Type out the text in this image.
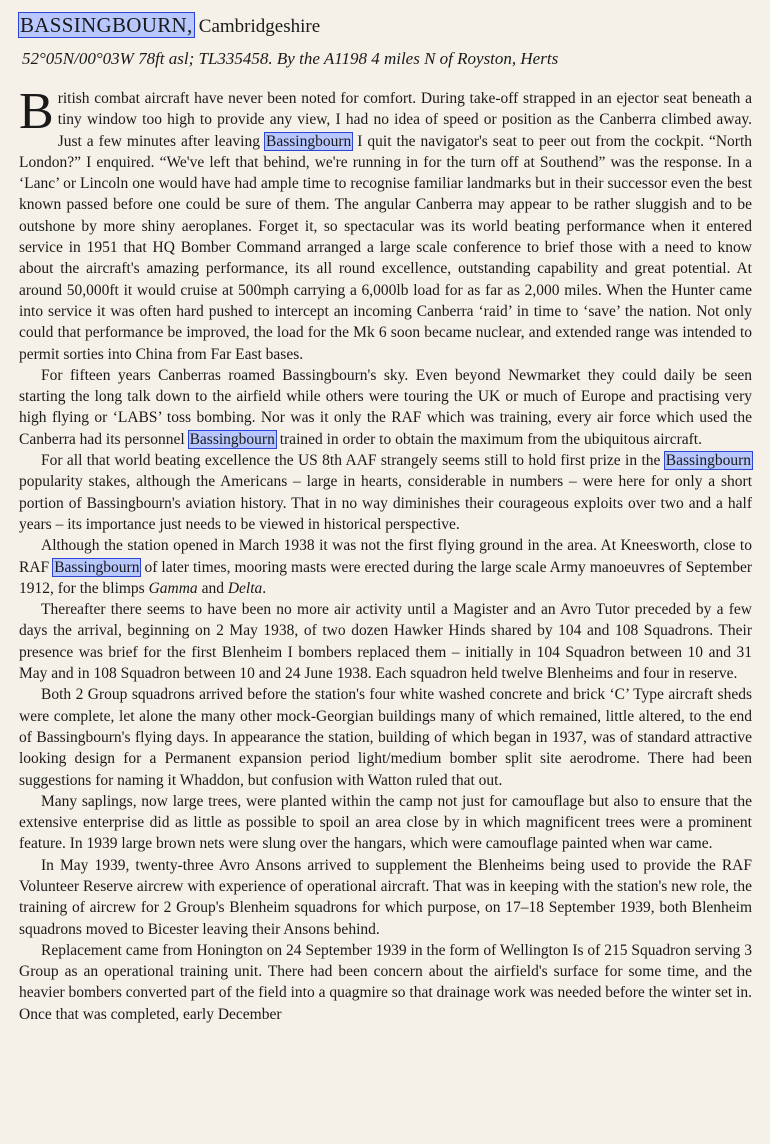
BASSINGBOURN, Cambridgeshire
52°05N/00°03W 78ft asl; TL335458. By the A1198 4 miles N of Royston, Herts

British combat aircraft have never been noted for comfort. During take-off strapped in an ejector seat beneath a tiny window too high to provide any view, I had no idea of speed or position as the Canberra climbed away. Just a few minutes after leaving Bassingbourn I quit the navigator's seat to peer out from the cockpit. “North London?” I enquired. “We've left that behind, we're running in for the turn off at Southend” was the response. In a ‘Lanc’ or Lincoln one would have had ample time to recognise familiar landmarks but in their successor even the best known passed before one could be sure of them. The angular Canberra may appear to be rather sluggish and to be outshone by more shiny aeroplanes. Forget it, so spectacular was its world beating performance when it entered service in 1951 that HQ Bomber Command arranged a large scale conference to brief those with a need to know about the aircraft's amazing performance, its all round excellence, outstanding capability and great potential. At around 50,000ft it would cruise at 500mph carrying a 6,000lb load for as far as 2,000 miles. When the Hunter came into service it was often hard pushed to intercept an incoming Canberra ‘raid’ in time to ‘save’ the nation. Not only could that performance be improved, the load for the Mk 6 soon became nuclear, and extended range was intended to permit sorties into China from Far East bases.

For fifteen years Canberras roamed Bassingbourn's sky. Even beyond Newmarket they could daily be seen starting the long talk down to the airfield while others were touring the UK or much of Europe and practising very high flying or ‘LABS’ toss bombing. Nor was it only the RAF which was training, every air force which used the Canberra had its personnel Bassingbourn trained in order to obtain the maximum from the ubiquitous aircraft.

For all that world beating excellence the US 8th AAF strangely seems still to hold first prize in the Bassingbourn popularity stakes, although the Americans – large in hearts, considerable in numbers – were here for only a short portion of Bassingbourn's aviation history. That in no way diminishes their courageous exploits over two and a half years – its importance just needs to be viewed in historical perspective.

Although the station opened in March 1938 it was not the first flying ground in the area. At Kneesworth, close to RAF Bassingbourn of later times, mooring masts were erected during the large scale Army manoeuvres of September 1912, for the blimps Gamma and Delta.

Thereafter there seems to have been no more air activity until a Magister and an Avro Tutor preceded by a few days the arrival, beginning on 2 May 1938, of two dozen Hawker Hinds shared by 104 and 108 Squadrons. Their presence was brief for the first Blenheim I bombers replaced them – initially in 104 Squadron between 10 and 31 May and in 108 Squadron between 10 and 24 June 1938. Each squadron held twelve Blenheims and four in reserve.

Both 2 Group squadrons arrived before the station's four white washed concrete and brick ‘C’ Type aircraft sheds were complete, let alone the many other mock-Georgian buildings many of which remained, little altered, to the end of Bassingbourn's flying days. In appearance the station, building of which began in 1937, was of standard attractive looking design for a Permanent expansion period light/medium bomber split site aerodrome. There had been suggestions for naming it Whaddon, but confusion with Watton ruled that out.

Many saplings, now large trees, were planted within the camp not just for camouflage but also to ensure that the extensive enterprise did as little as possible to spoil an area close by in which magnificent trees were a prominent feature. In 1939 large brown nets were slung over the hangars, which were camouflage painted when war came.

In May 1939, twenty-three Avro Ansons arrived to supplement the Blenheims being used to provide the RAF Volunteer Reserve aircrew with experience of operational aircraft. That was in keeping with the station's new role, the training of aircrew for 2 Group's Blenheim squadrons for which purpose, on 17–18 September 1939, both Blenheim squadrons moved to Bicester leaving their Ansons behind.

Replacement came from Honington on 24 September 1939 in the form of Wellington Is of 215 Squadron serving 3 Group as an operational training unit. There had been concern about the airfield's surface for some time, and the heavier bombers converted part of the field into a quagmire so that drainage work was needed before the winter set in. Once that was completed, early December
